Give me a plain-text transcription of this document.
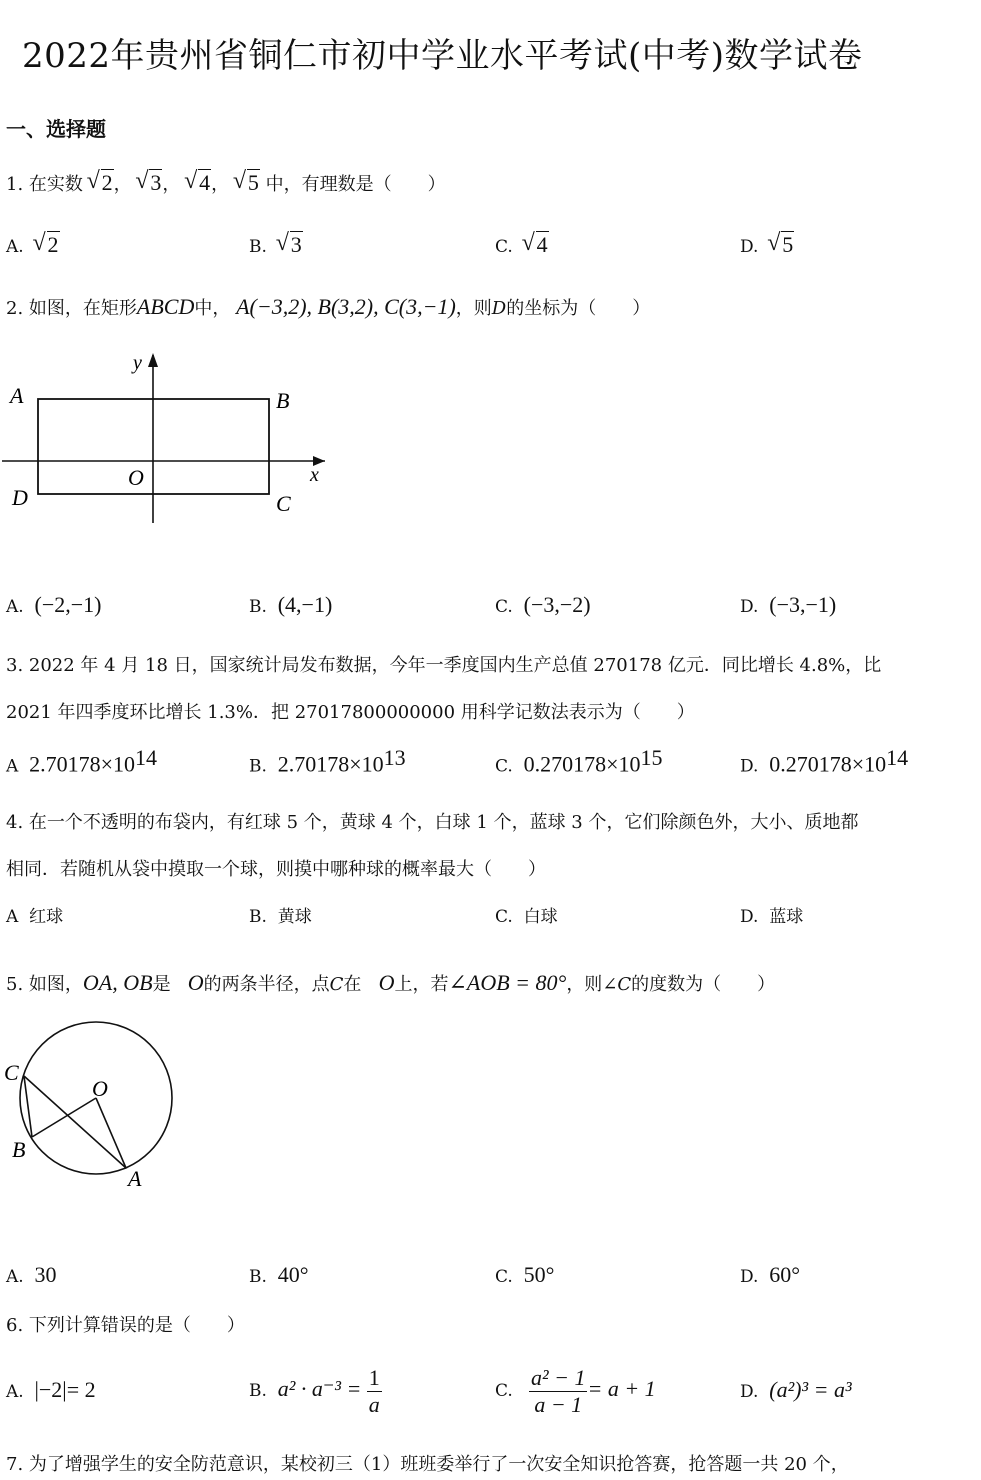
2022年贵州省铜仁市初中学业水平考试(中考)数学试卷
一、选择题
1. 在实数 √ 2， √ 3， √ 4， √ 5 中，有理数是（　　）
A. √ 2	B. √ 3	C. √ 4	D. √ 5
2. 如图，在矩形ABCD中， A(−3,2), B(3,2), C(3,−1)，则D的坐标为（　　）
y
x
O
A	B
C
D
A. (−2,−1)	B. (4,−1)	C. (−3,−2)	D. (−3,−1)
3. 2022 年 4 月 18 日，国家统计局发布数据，今年一季度国内生产总值 270178 亿元．同比增长 4.8%，比
2021 年四季度环比增长 1.3%．把 27017800000000 用科学记数法表示为（　　）
A $2.70178\times 10^{14}$	B. $2.70178\times 10^{13}$	C. $0.270178\times 10^{15}$	D. $0.270178\times 10^{14}$
4. 在一个不透明的布袋内，有红球 5 个，黄球 4 个，白球 1 个，蓝球 3 个，它们除颜色外，大小、质地都
相同．若随机从袋中摸取一个球，则摸中哪种球的概率最大（　　）
A 红球	B. 黄球	C. 白球	D. 蓝球
5. 如图，OA, OB是 O的两条半径，点C在 O上，若∠AOB = 80°，则∠C的度数为（　　）
C
O
B
A
A. 30	B. 40°	C. 50°	D. 60°
6. 下列计算错误的是（　　）
A. |−2|= 2	B. $a^2 \cdot a^{-3} = \frac{1}{a}$	C. $\frac{\text{a² − 1}}{a - 1} = a + 1$	D. (a²)³ = a³
7. 为了增强学生的安全防范意识，某校初三（1）班班委举行了一次安全知识抢答赛，抢答题一共 20 个，
